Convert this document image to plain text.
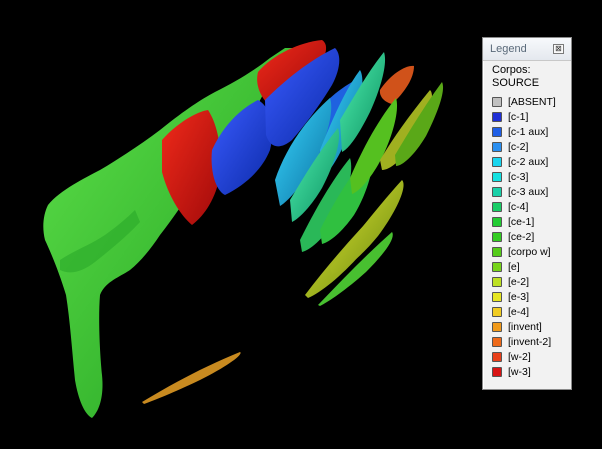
Legend	⊠
Corpos:
SOURCE
[ABSENT]
[c-1]
[c-1 aux]
[c-2]
[c-2 aux]
[c-3]
[c-3 aux]
[c-4]
[ce-1]
[ce-2]
[corpo w]
[e]
[e-2]
[e-3]
[e-4]
[invent]
[invent-2]
[w-2]
[w-3]
